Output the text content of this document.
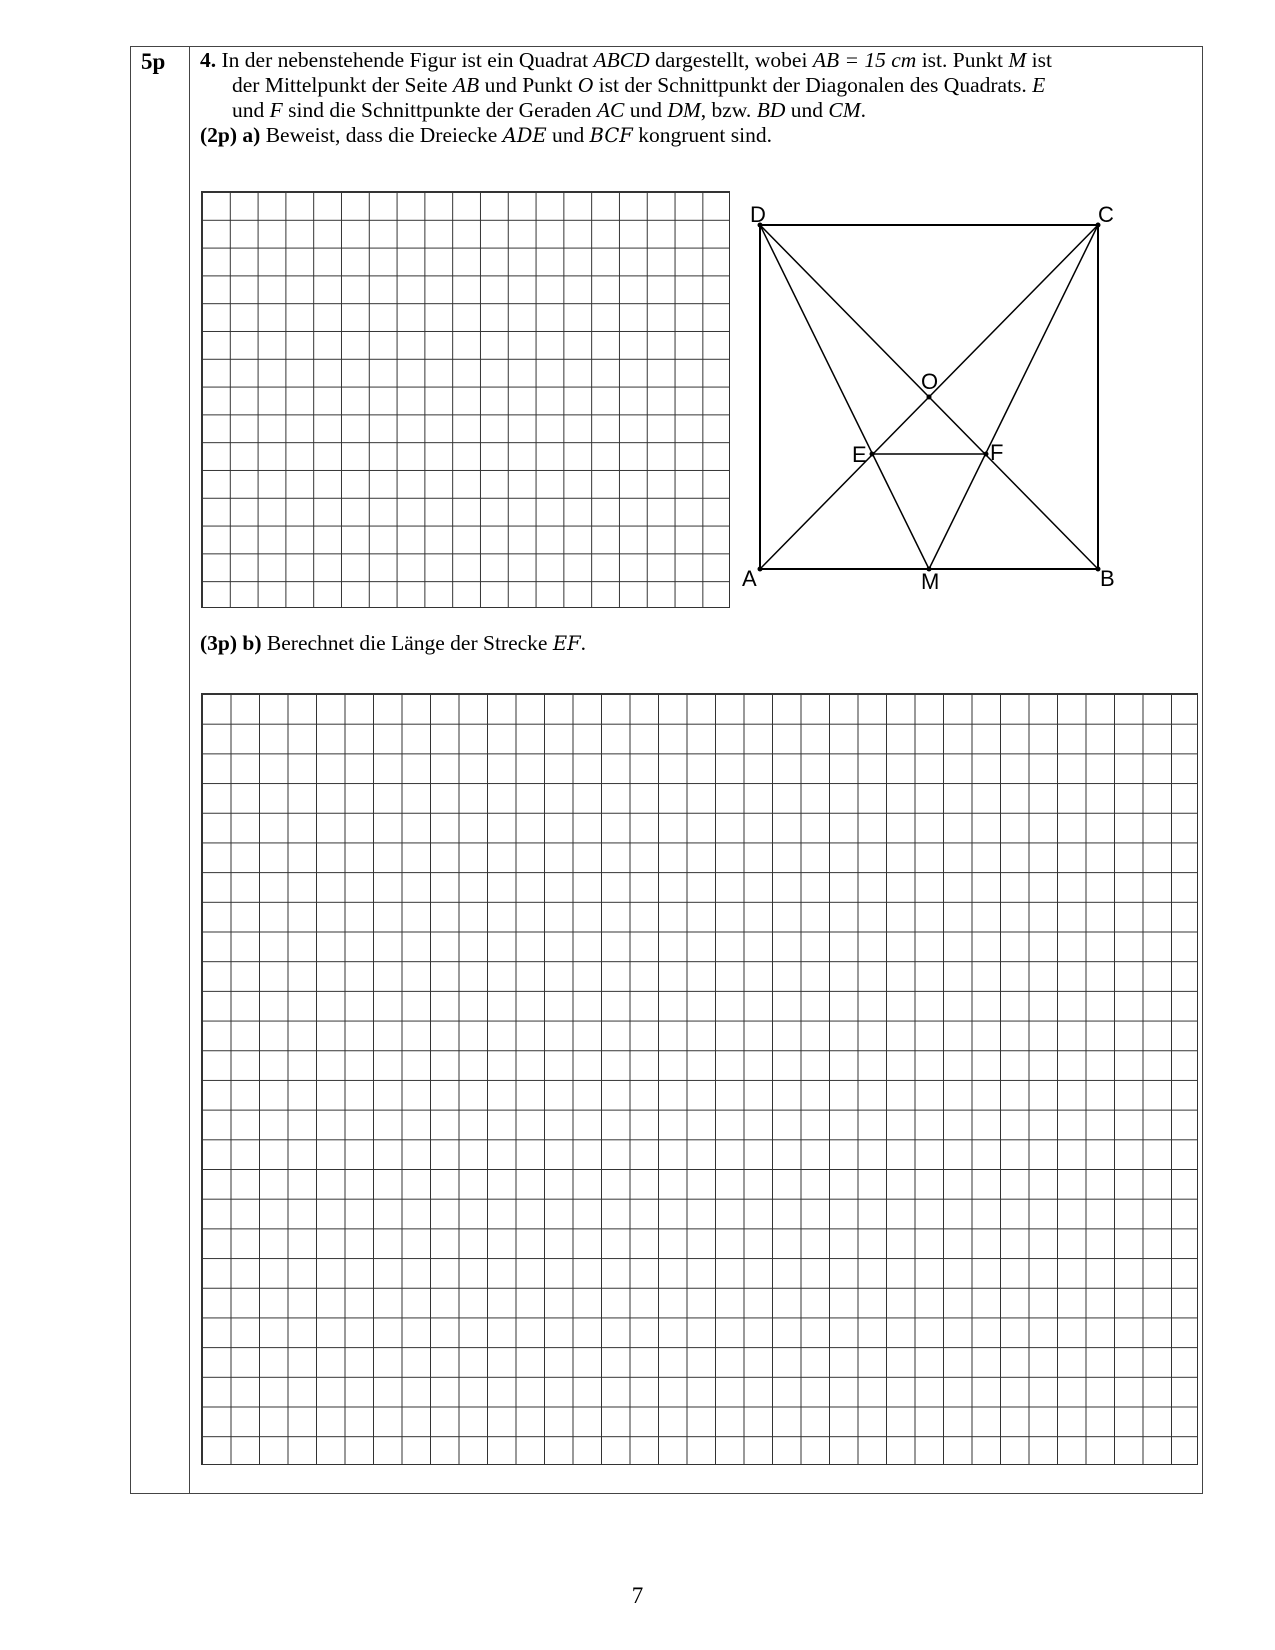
5p 4. In der nebenstehende Figur ist ein Quadrat ABCD dargestellt, wobei AB = 15 cm ist. Punkt M ist

der Mittelpunkt der Seite AB und Punkt O ist der Schnittpunkt der Diagonalen des Quadrats. E

und F sind die Schnittpunkte der Geraden AC und DM, bzw. BD und CM.

(2p) a) Beweist, dass die Dreiecke ADE und BCF kongruent sind.

D	C
A	B
M
O
E	F
(3p) b) Berechnet die Länge der Strecke EF.
7
